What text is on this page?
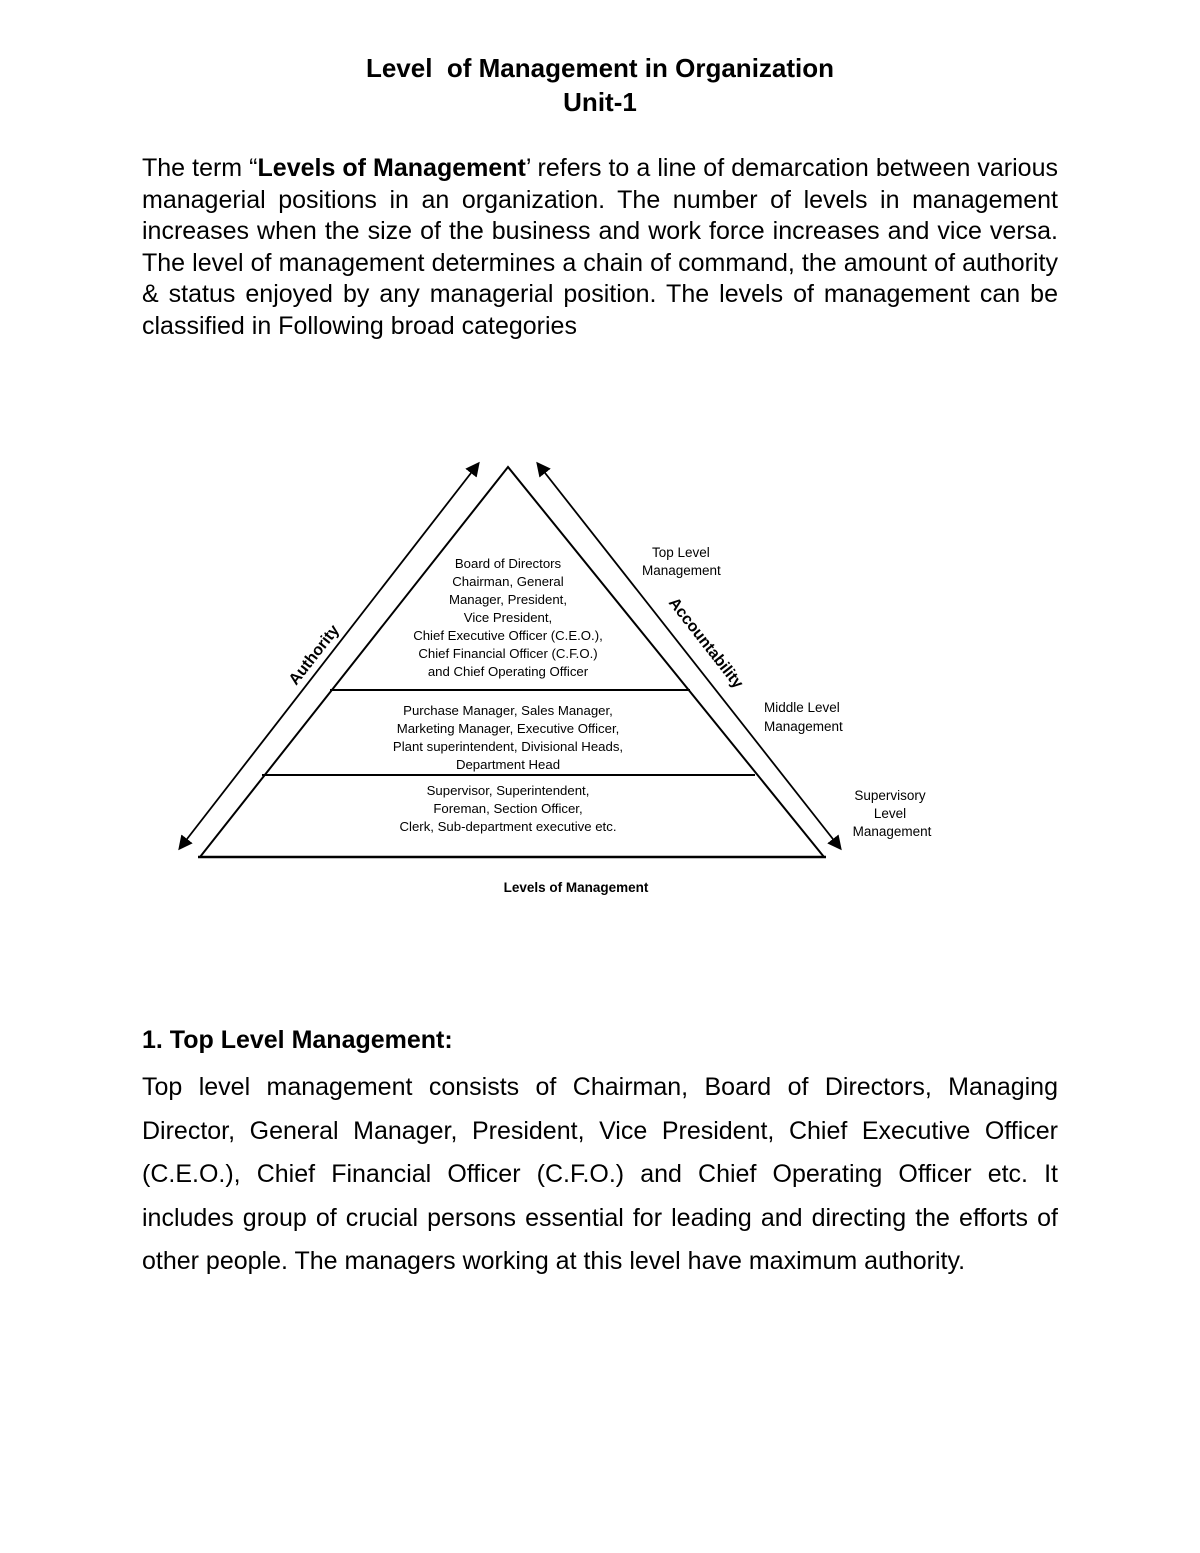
Level  of Management in Organization
Unit-1

The term “Levels of Management’ refers to a line of demarcation between various managerial positions in an organization. The number of levels in management increases when the size of the business and work force increases and vice versa. The level of management determines a chain of command, the amount of authority & status enjoyed by any managerial position. The levels of management can be classified in Following broad categories

Authority	Accountability
Board of Directors
Chairman, General
Manager, President,
Vice President,
Chief Executive Officer (C.E.O.),
Chief Financial Officer (C.F.O.)
and Chief Operating Officer
Purchase Manager, Sales Manager,
Marketing Manager, Executive Officer,
Plant superintendent, Divisional Heads,
Department Head
Supervisor, Superintendent,
Foreman, Section Officer,
Clerk, Sub-department executive etc.
Top Level
Management
Middle Level
Management
Supervisory
Level
Management
Levels of Management
1. Top Level Management:

Top level management consists of Chairman, Board of Directors, Managing Director, General Manager, President, Vice President, Chief Executive Officer (C.E.O.), Chief Financial Officer (C.F.O.) and Chief Operating Officer etc. It includes group of crucial persons essential for leading and directing the efforts of other people. The managers working at this level have maximum authority.
